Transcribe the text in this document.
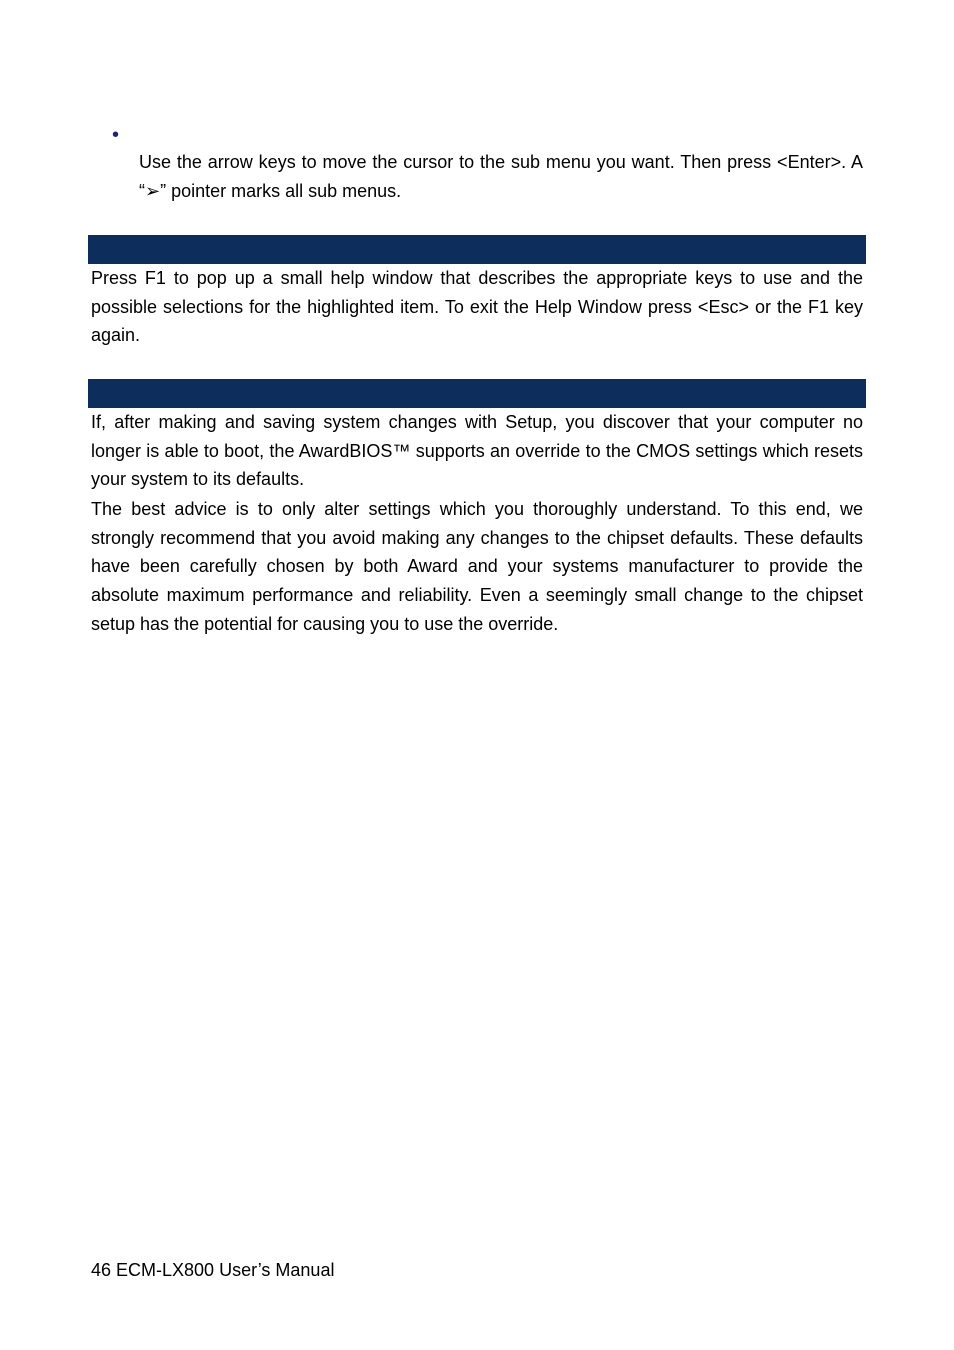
•
Use the arrow keys to move the cursor to the sub menu you want. Then press <Enter>. A “➢” pointer marks all sub menus.

Press F1 to pop up a small help window that describes the appropriate keys to use and the possible selections for the highlighted item. To exit the Help Window press <Esc> or the F1 key again.

If, after making and saving system changes with Setup, you discover that your computer no longer is able to boot, the AwardBIOS™ supports an override to the CMOS settings which resets your system to its defaults.

The best advice is to only alter settings which you thoroughly understand. To this end, we strongly recommend that you avoid making any changes to the chipset defaults. These defaults have been carefully chosen by both Award and your systems manufacturer to provide the absolute maximum performance and reliability. Even a seemingly small change to the chipset setup has the potential for causing you to use the override.

46 ECM-LX800 User’s Manual
